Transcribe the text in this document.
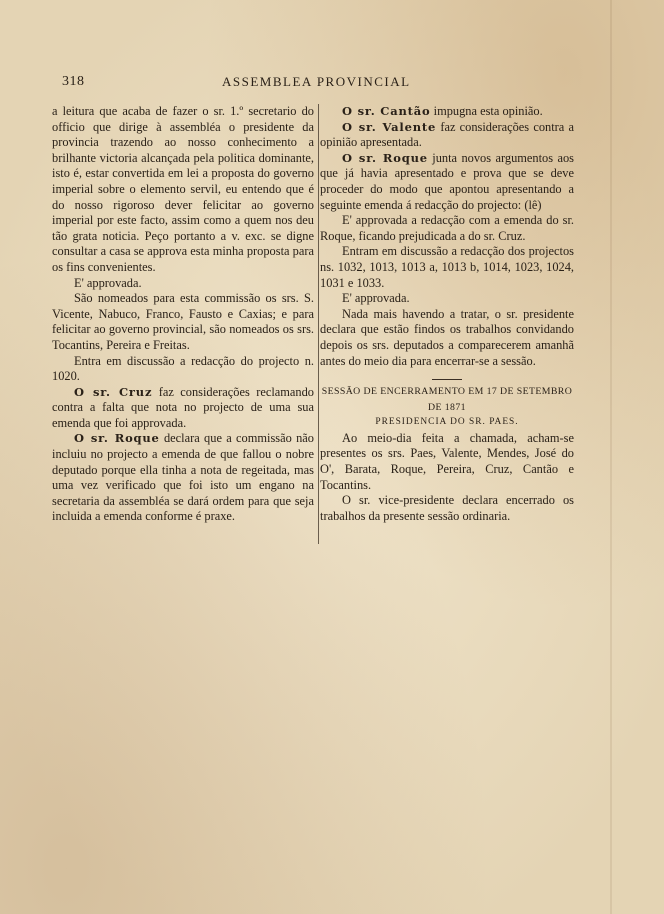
318	ASSEMBLEA PROVINCIAL

a leitura que acaba de fazer o sr. 1.º secretario do officio que dirige à assembléa o presidente da provincia trazendo ao nosso conhecimento a brilhante victoria alcançada pela politica dominante, isto é, estar convertida em lei a proposta do governo imperial sobre o elemento servil, eu entendo que é do nosso rigoroso dever felicitar ao governo imperial por este facto, assim como a quem nos deu tão grata noticia. Peço portanto a v. exc. se digne consultar a casa se approva esta minha proposta para os fins convenientes.

E' approvada.

São nomeados para esta commissão os srs. S. Vicente, Nabuco, Franco, Fausto e Caxias; e para felicitar ao governo provincial, são nomeados os srs. Tocantins, Pereira e Freitas.

Entra em discussão a redacção do projecto n. 1020.

O sr. Cruz faz considerações reclamando contra a falta que nota no projecto de uma sua emenda que foi approvada.

O sr. Roque declara que a commissão não incluiu no projecto a emenda de que fallou o nobre deputado porque ella tinha a nota de regeitada, mas uma vez verificado que foi isto um engano na secretaria da assembléa se dará ordem para que seja incluida a emenda conforme é praxe.

O sr. Cantão impugna esta opinião.

O sr. Valente faz considerações contra a opinião apresentada.

O sr. Roque junta novos argumentos aos que já havia apresentado e prova que se deve proceder do modo que apontou apresentando a seguinte emenda á redacção do projecto: (lê)

E' approvada a redacção com a emenda do sr. Roque, ficando prejudicada a do sr. Cruz.

Entram em discussão a redacção dos projectos ns. 1032, 1013, 1013 a, 1013 b, 1014, 1023, 1024, 1031 e 1033.

E' approvada.

Nada mais havendo a tratar, o sr. presidente declara que estão findos os trabalhos convidando depois os srs. deputados a comparecerem amanhã antes do meio dia para encerrar-se a sessão.

SESSÃO DE ENCERRAMENTO EM 17 DE SETEMBRO DE 1871

PRESIDENCIA DO SR. PAES.

Ao meio-dia feita a chamada, acham-se presentes os srs. Paes, Valente, Mendes, José do O', Barata, Roque, Pereira, Cruz, Cantão e Tocantins.

O sr. vice-presidente declara encerrado os trabalhos da presente sessão ordinaria.
